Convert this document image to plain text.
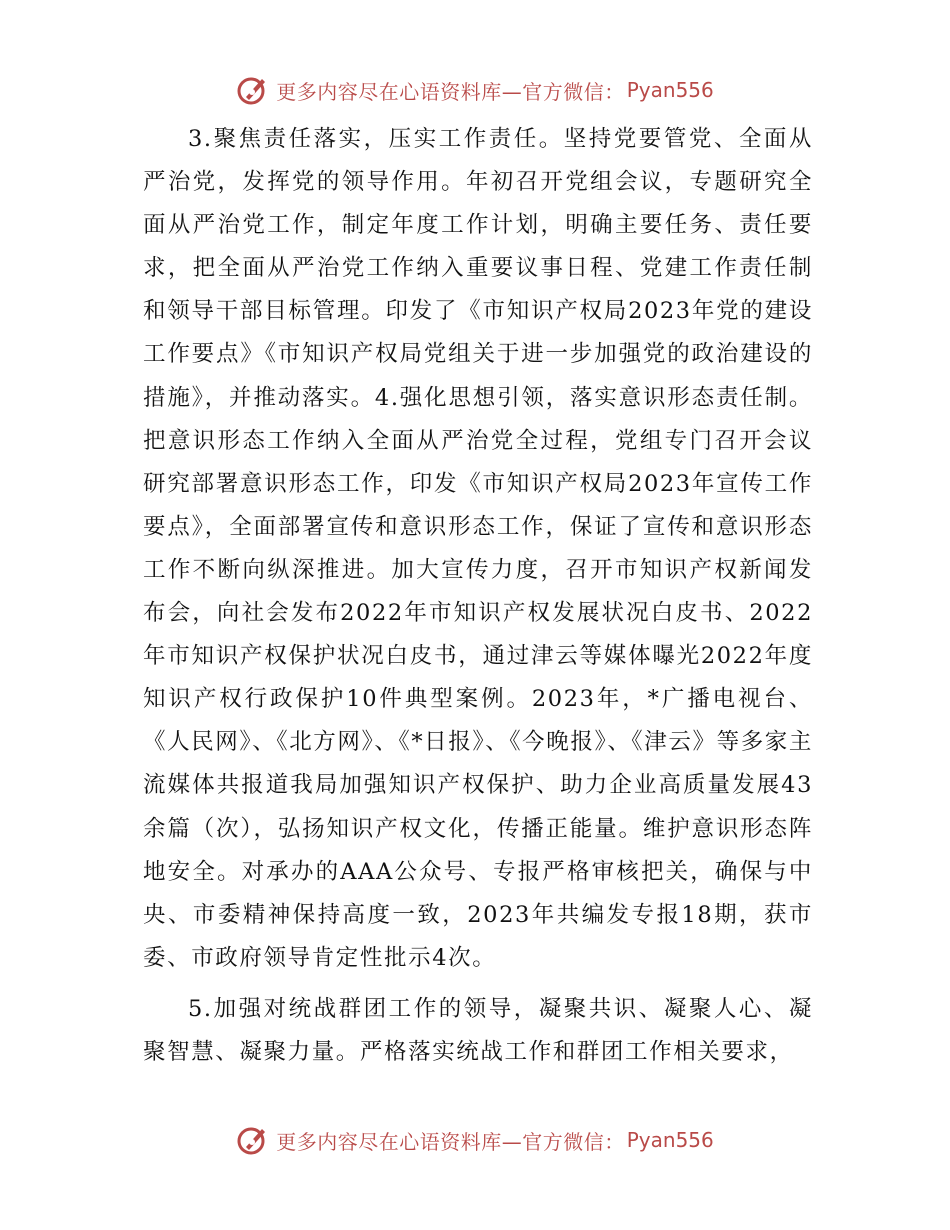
更多内容尽在心语资料库—官方微信： Pyan556

3.聚焦责任落实，压实工作责任。坚持党要管党、全面从严治党，发挥党的领导作用。年初召开党组会议，专题研究全面从严治党工作，制定年度工作计划，明确主要任务、责任要求，把全面从严治党工作纳入重要议事日程、党建工作责任制和领导干部目标管理。印发了《市知识产权局2023年党的建设工作要点》《市知识产权局党组关于进一步加强党的政治建设的措施》，并推动落实。4.强化思想引领，落实意识形态责任制。把意识形态工作纳入全面从严治党全过程，党组专门召开会议研究部署意识形态工作，印发《市知识产权局2023年宣传工作要点》，全面部署宣传和意识形态工作，保证了宣传和意识形态工作不断向纵深推进。加大宣传力度，召开市知识产权新闻发布会，向社会发布2022年市知识产权发展状况白皮书、2022年市知识产权保护状况白皮书，通过津云等媒体曝光2022年度知识产权行政保护10件典型案例。2023年，*广播电视台、《人民网》、《北方网》、《*日报》、《今晚报》、《津云》等多家主流媒体共报道我局加强知识产权保护、助力企业高质量发展43余篇（次），弘扬知识产权文化，传播正能量。维护意识形态阵地安全。对承办的AAA公众号、专报严格审核把关，确保与中央、市委精神保持高度一致，2023年共编发专报18期，获市委、市政府领导肯定性批示4次。

5.加强对统战群团工作的领导，凝聚共识、凝聚人心、凝聚智慧、凝聚力量。严格落实统战工作和群团工作相关要求，

更多内容尽在心语资料库—官方微信： Pyan556
